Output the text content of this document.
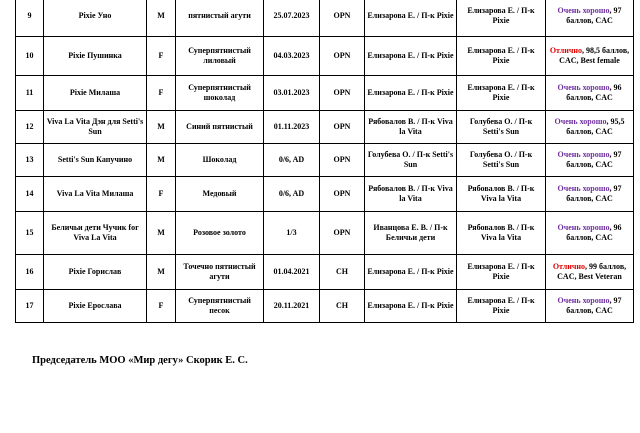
9	Pixie Уно	M	пятнистый агути	25.07.2023	OPN	Елизарова Е. / П-к Pixie	Елизарова Е. / П-к Pixie	Очень хорошо, 97 баллов, CAC
10	Pixie Пушинка	F	Суперпятнистый лиловый	04.03.2023	OPN	Елизарова Е. / П-к Pixie	Елизарова Е. / П-к Pixie	Отлично, 98,5 баллов, CAC, Best female
11	Pixie Милаша	F	Суперпятнистый шоколад	03.01.2023	OPN	Елизарова Е. / П-к Pixie	Елизарова Е. / П-к Pixie	Очень хорошо, 96 баллов, CAC
12	Viva La Vita Дэн для Setti's Sun	M	Синий пятнистый	01.11.2023	OPN	Рябовалов В. / П-к Viva la Vita	Голубева О. / П-к Setti's Sun	Очень хорошо, 95,5 баллов, CAC
13	Setti's Sun Капучино	M	Шоколад	0/6, AD	OPN	Голубева О. / П-к Setti's Sun	Голубева О. / П-к Setti's Sun	Очень хорошо, 97 баллов, CAC
14	Viva La Vita Милаша	F	Медовый	0/6, AD	OPN	Рябовалов В. / П-к Viva la Vita	Рябовалов В. / П-к Viva la Vita	Очень хорошо, 97 баллов, CAC
15	Беличьи дети Чучик for Viva La Vita	M	Розовое золото	1/3	OPN	Иванцова Е. В. / П-к Беличьи дети	Рябовалов В. / П-к Viva la Vita	Очень хорошо, 96 баллов, CAC
16	Pixie Горислав	M	Точечно пятнистый агути	01.04.2021	CH	Елизарова Е. / П-к Pixie	Елизарова Е. / П-к Pixie	Отлично, 99 баллов, CAC, Best Veteran
17	Pixie Ерослава	F	Суперпятнистый песок	20.11.2021	CH	Елизарова Е. / П-к Pixie	Елизарова Е. / П-к Pixie	Очень хорошо, 97 баллов, CAC
Председатель МОО «Мир дегу» Скорик Е. С.
